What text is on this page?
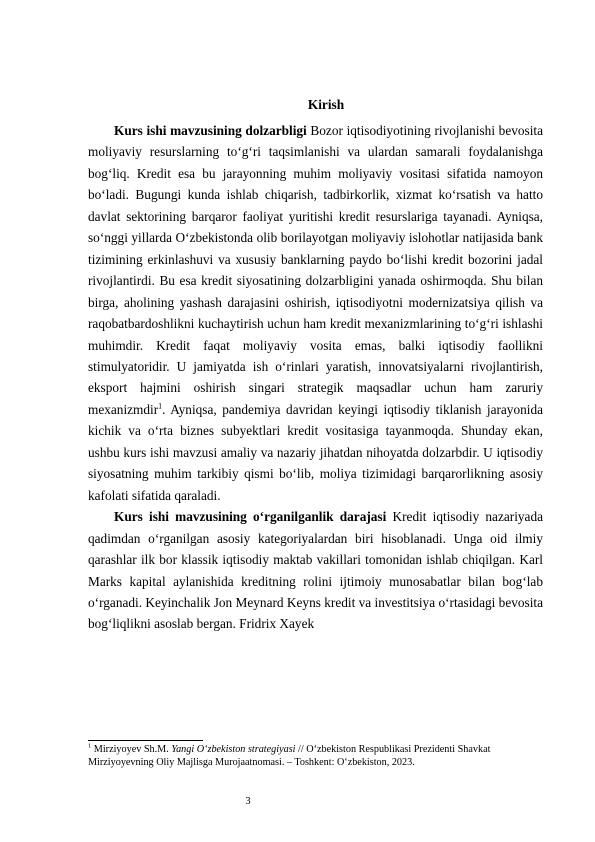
Kirish

Kurs ishi mavzusining dolzarbligi Bozor iqtisodiyotining rivojlanishi bevosita moliyaviy resurslarning to‘g‘ri taqsimlanishi va ulardan samarali foydalanishga bog‘liq. Kredit esa bu jarayonning muhim moliyaviy vositasi sifatida namoyon bo‘ladi. Bugungi kunda ishlab chiqarish, tadbirkorlik, xizmat ko‘rsatish va hatto davlat sektorining barqaror faoliyat yuritishi kredit resurslariga tayanadi. Ayniqsa, so‘nggi yillarda O‘zbekistonda olib borilayotgan moliyaviy islohotlar natijasida bank tizimining erkinlashuvi va xususiy banklarning paydo bo‘lishi kredit bozorini jadal rivojlantirdi. Bu esa kredit siyosatining dolzarbligini yanada oshirmoqda. Shu bilan birga, aholining yashash darajasini oshirish, iqtisodiyotni modernizatsiya qilish va raqobatbardoshlikni kuchaytirish uchun ham kredit mexanizmlarining to‘g‘ri ishlashi muhimdir. Kredit faqat moliyaviy vosita emas, balki iqtisodiy faollikni stimulyatoridir. U jamiyatda ish o‘rinlari yaratish, innovatsiyalarni rivojlantirish, eksport hajmini oshirish singari strategik maqsadlar uchun ham zaruriy mexanizmdir$^1$. Ayniqsa, pandemiya davridan keyingi iqtisodiy tiklanish jarayonida kichik va o‘rta biznes subyektlari kredit vositasiga tayanmoqda. Shunday ekan, ushbu kurs ishi mavzusi amaliy va nazariy jihatdan nihoyatda dolzarbdir. U iqtisodiy siyosatning muhim tarkibiy qismi bo‘lib, moliya tizimidagi barqarorlikning asosiy kafolati sifatida qaraladi.

Kurs ishi mavzusining o‘rganilganlik darajasi Kredit iqtisodiy nazariyada qadimdan o‘rganilgan asosiy kategoriyalardan biri hisoblanadi. Unga oid ilmiy qarashlar ilk bor klassik iqtisodiy maktab vakillari tomonidan ishlab chiqilgan. Karl Marks kapital aylanishida kreditning rolini ijtimoiy munosabatlar bilan bog‘lab o‘rganadi. Keyinchalik Jon Meynard Keyns kredit va investitsiya o‘rtasidagi bevosita bog‘liqlikni asoslab bergan. Fridrix Xayek

$^1$ Mirziyoyev Sh.M. Yangi O‘zbekiston strategiyasi // O‘zbekiston Respublikasi Prezidenti Shavkat Mirziyoyevning Oliy Majlisga Murojaatnomasi. – Toshkent: O‘zbekiston, 2023.
3
